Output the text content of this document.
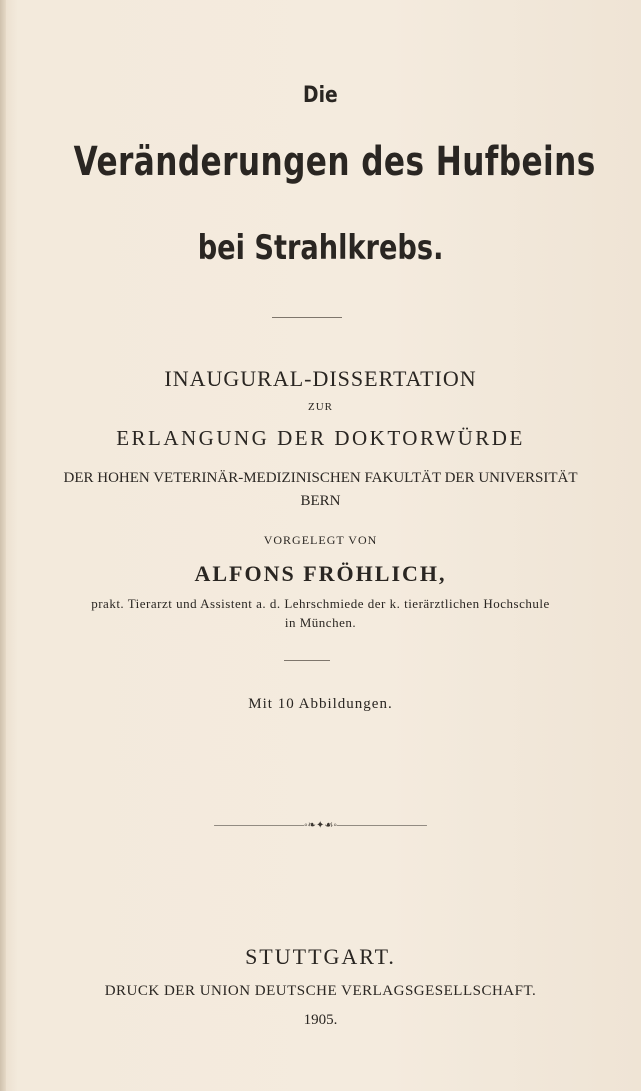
Die
Veränderungen des Hufbeins
bei Strahlkrebs.
INAUGURAL-DISSERTATION
ZUR
ERLANGUNG DER DOKTORWÜRDE
DER HOHEN VETERINÄR-MEDIZINISCHEN FAKULTÄT DER UNIVERSITÄT
BERN
VORGELEGT VON
ALFONS FRÖHLICH,
prakt. Tierarzt und Assistent a. d. Lehrschmiede der k. tierärztlichen Hochschule
in München.
Mit 10 Abbildungen.
—————————◦❧✦☙◦—————————
STUTTGART.
DRUCK DER UNION DEUTSCHE VERLAGSGESELLSCHAFT.
1905.
